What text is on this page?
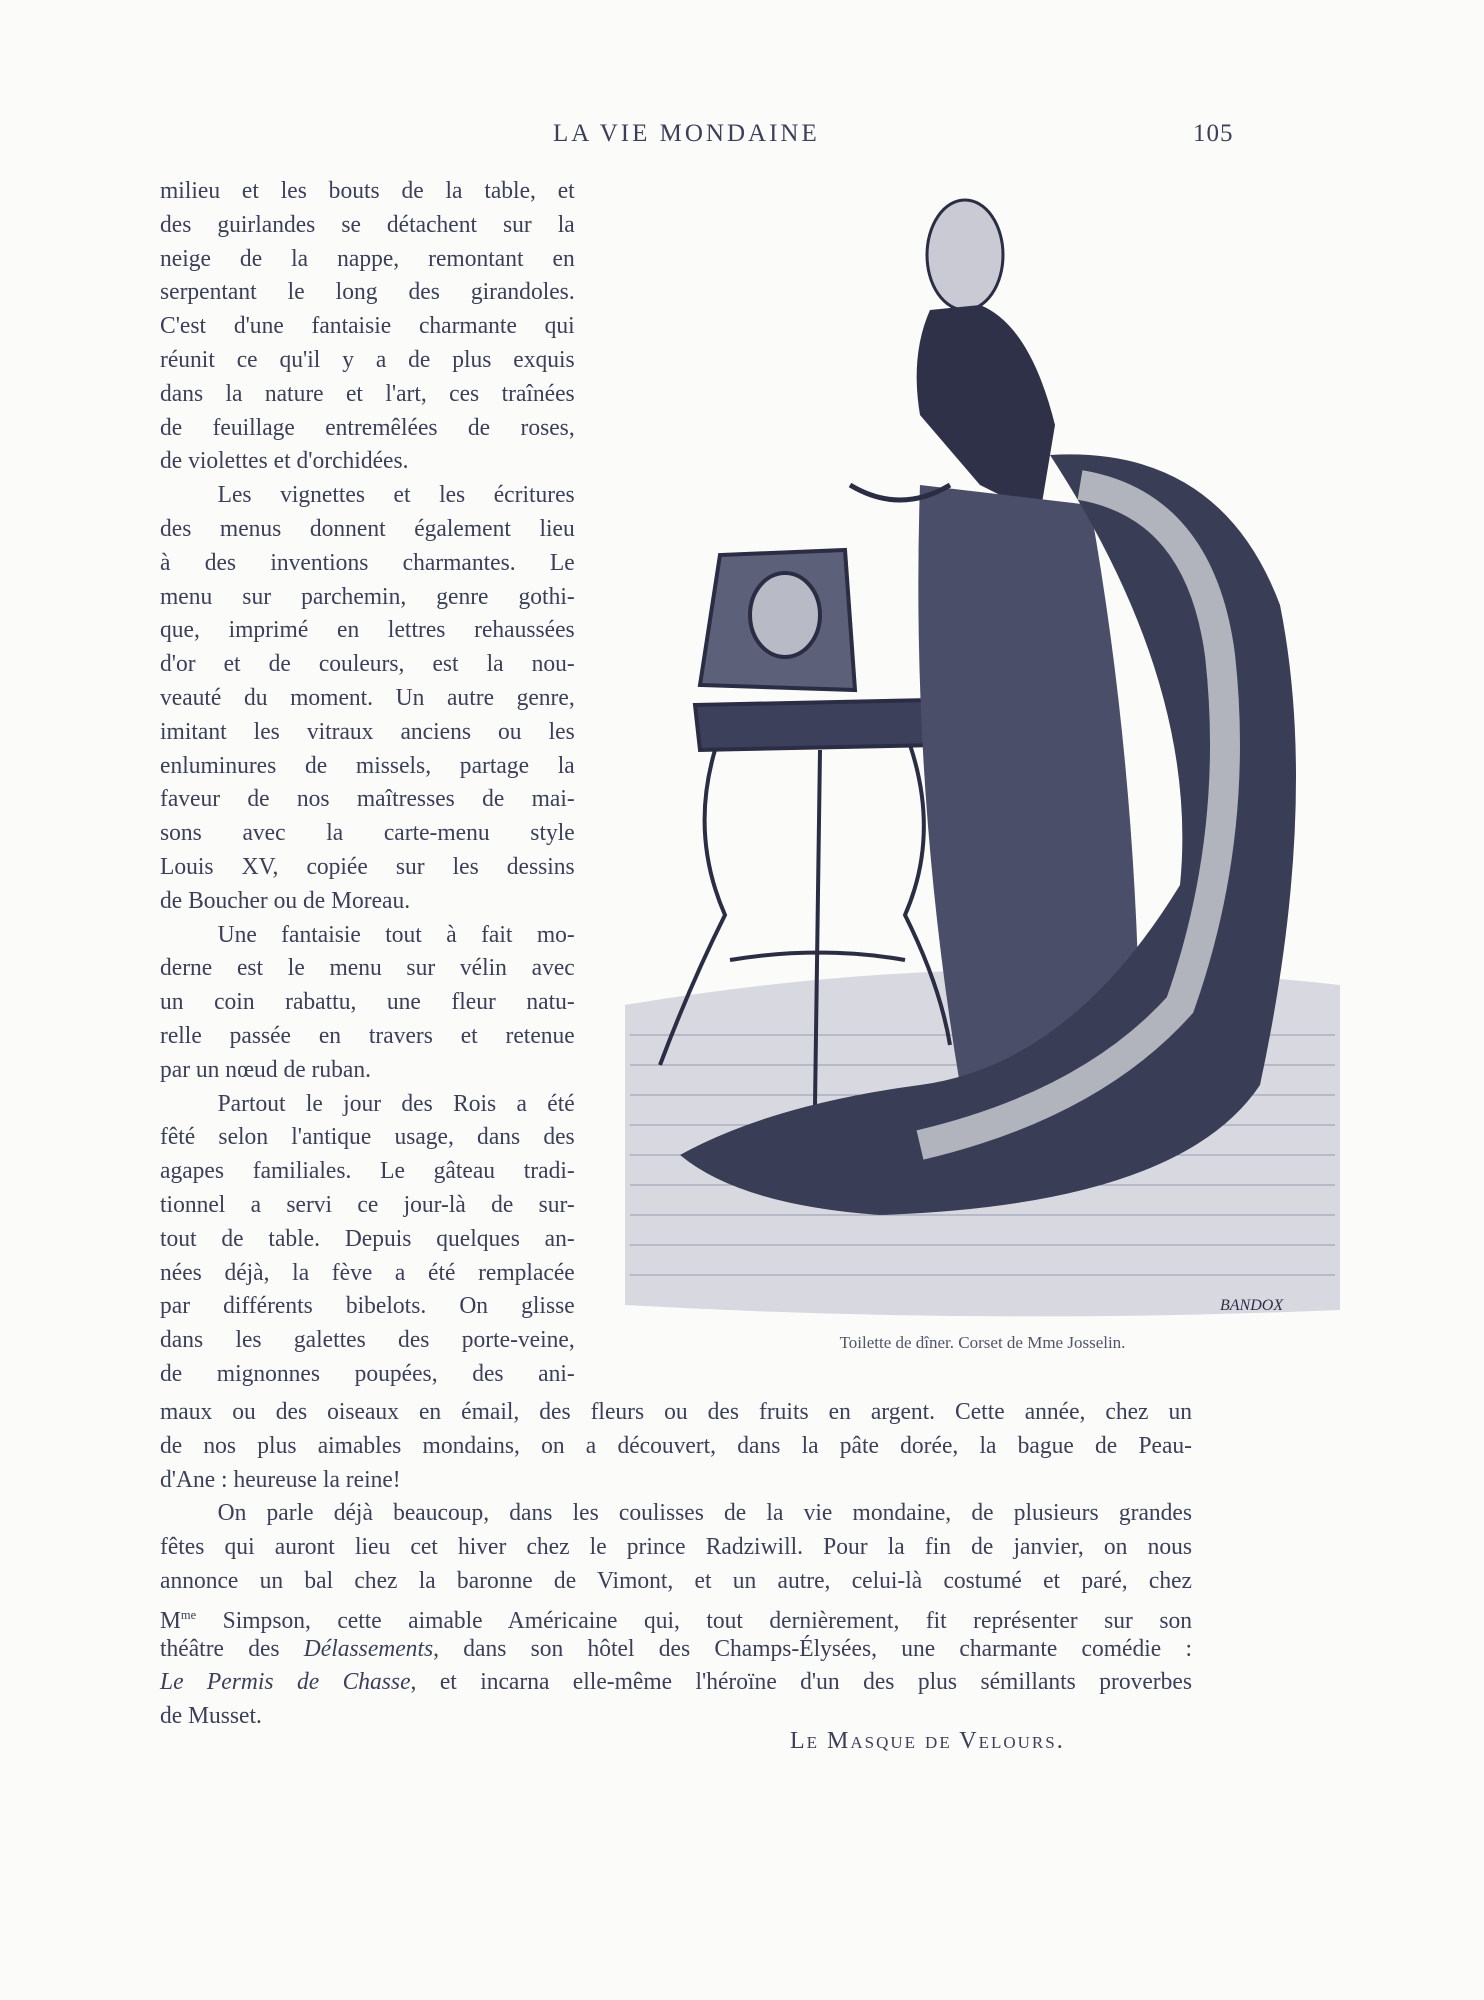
LA VIE MONDAINE	105
milieu et les bouts de la table, et
des guirlandes se détachent sur la
neige de la nappe, remontant en
serpentant le long des girandoles.
C'est d'une fantaisie charmante qui
réunit ce qu'il y a de plus exquis
dans la nature et l'art, ces traînées
de feuillage entremêlées de roses,
de violettes et d'orchidées.
Les vignettes et les écritures
des menus donnent également lieu
à des inventions charmantes. Le
menu sur parchemin, genre gothi-
que, imprimé en lettres rehaussées
d'or et de couleurs, est la nou-
veauté du moment. Un autre genre,
imitant les vitraux anciens ou les
enluminures de missels, partage la
faveur de nos maîtresses de mai-
sons avec la carte-menu style
Louis XV, copiée sur les dessins
de Boucher ou de Moreau.
Une fantaisie tout à fait mo-
derne est le menu sur vélin avec
un coin rabattu, une fleur natu-
relle passée en travers et retenue
par un nœud de ruban.
Partout le jour des Rois a été
fêté selon l'antique usage, dans des
agapes familiales. Le gâteau tradi-
tionnel a servi ce jour-là de sur-
tout de table. Depuis quelques an-
nées déjà, la fève a été remplacée
par différents bibelots. On glisse
dans les galettes des porte-veine,
de mignonnes poupées, des ani-
maux ou des oiseaux en émail, des fleurs ou des fruits en argent. Cette année, chez un
de nos plus aimables mondains, on a découvert, dans la pâte dorée, la bague de Peau-
d'Ane : heureuse la reine!
On parle déjà beaucoup, dans les coulisses de la vie mondaine, de plusieurs grandes
fêtes qui auront lieu cet hiver chez le prince Radziwill. Pour la fin de janvier, on nous
annonce un bal chez la baronne de Vimont, et un autre, celui-là costumé et paré, chez
$M^{me}$ Simpson, cette aimable Américaine qui, tout dernièrement, fit représenter sur son
théâtre des Délassements, dans son hôtel des Champs-Élysées, une charmante comédie :
Le Permis de Chasse, et incarna elle-même l'héroïne d'un des plus sémillants proverbes
de Musset.
BANDOX
Toilette de dîner. Corset de Mme Josselin.
Le Masque de Velours.
